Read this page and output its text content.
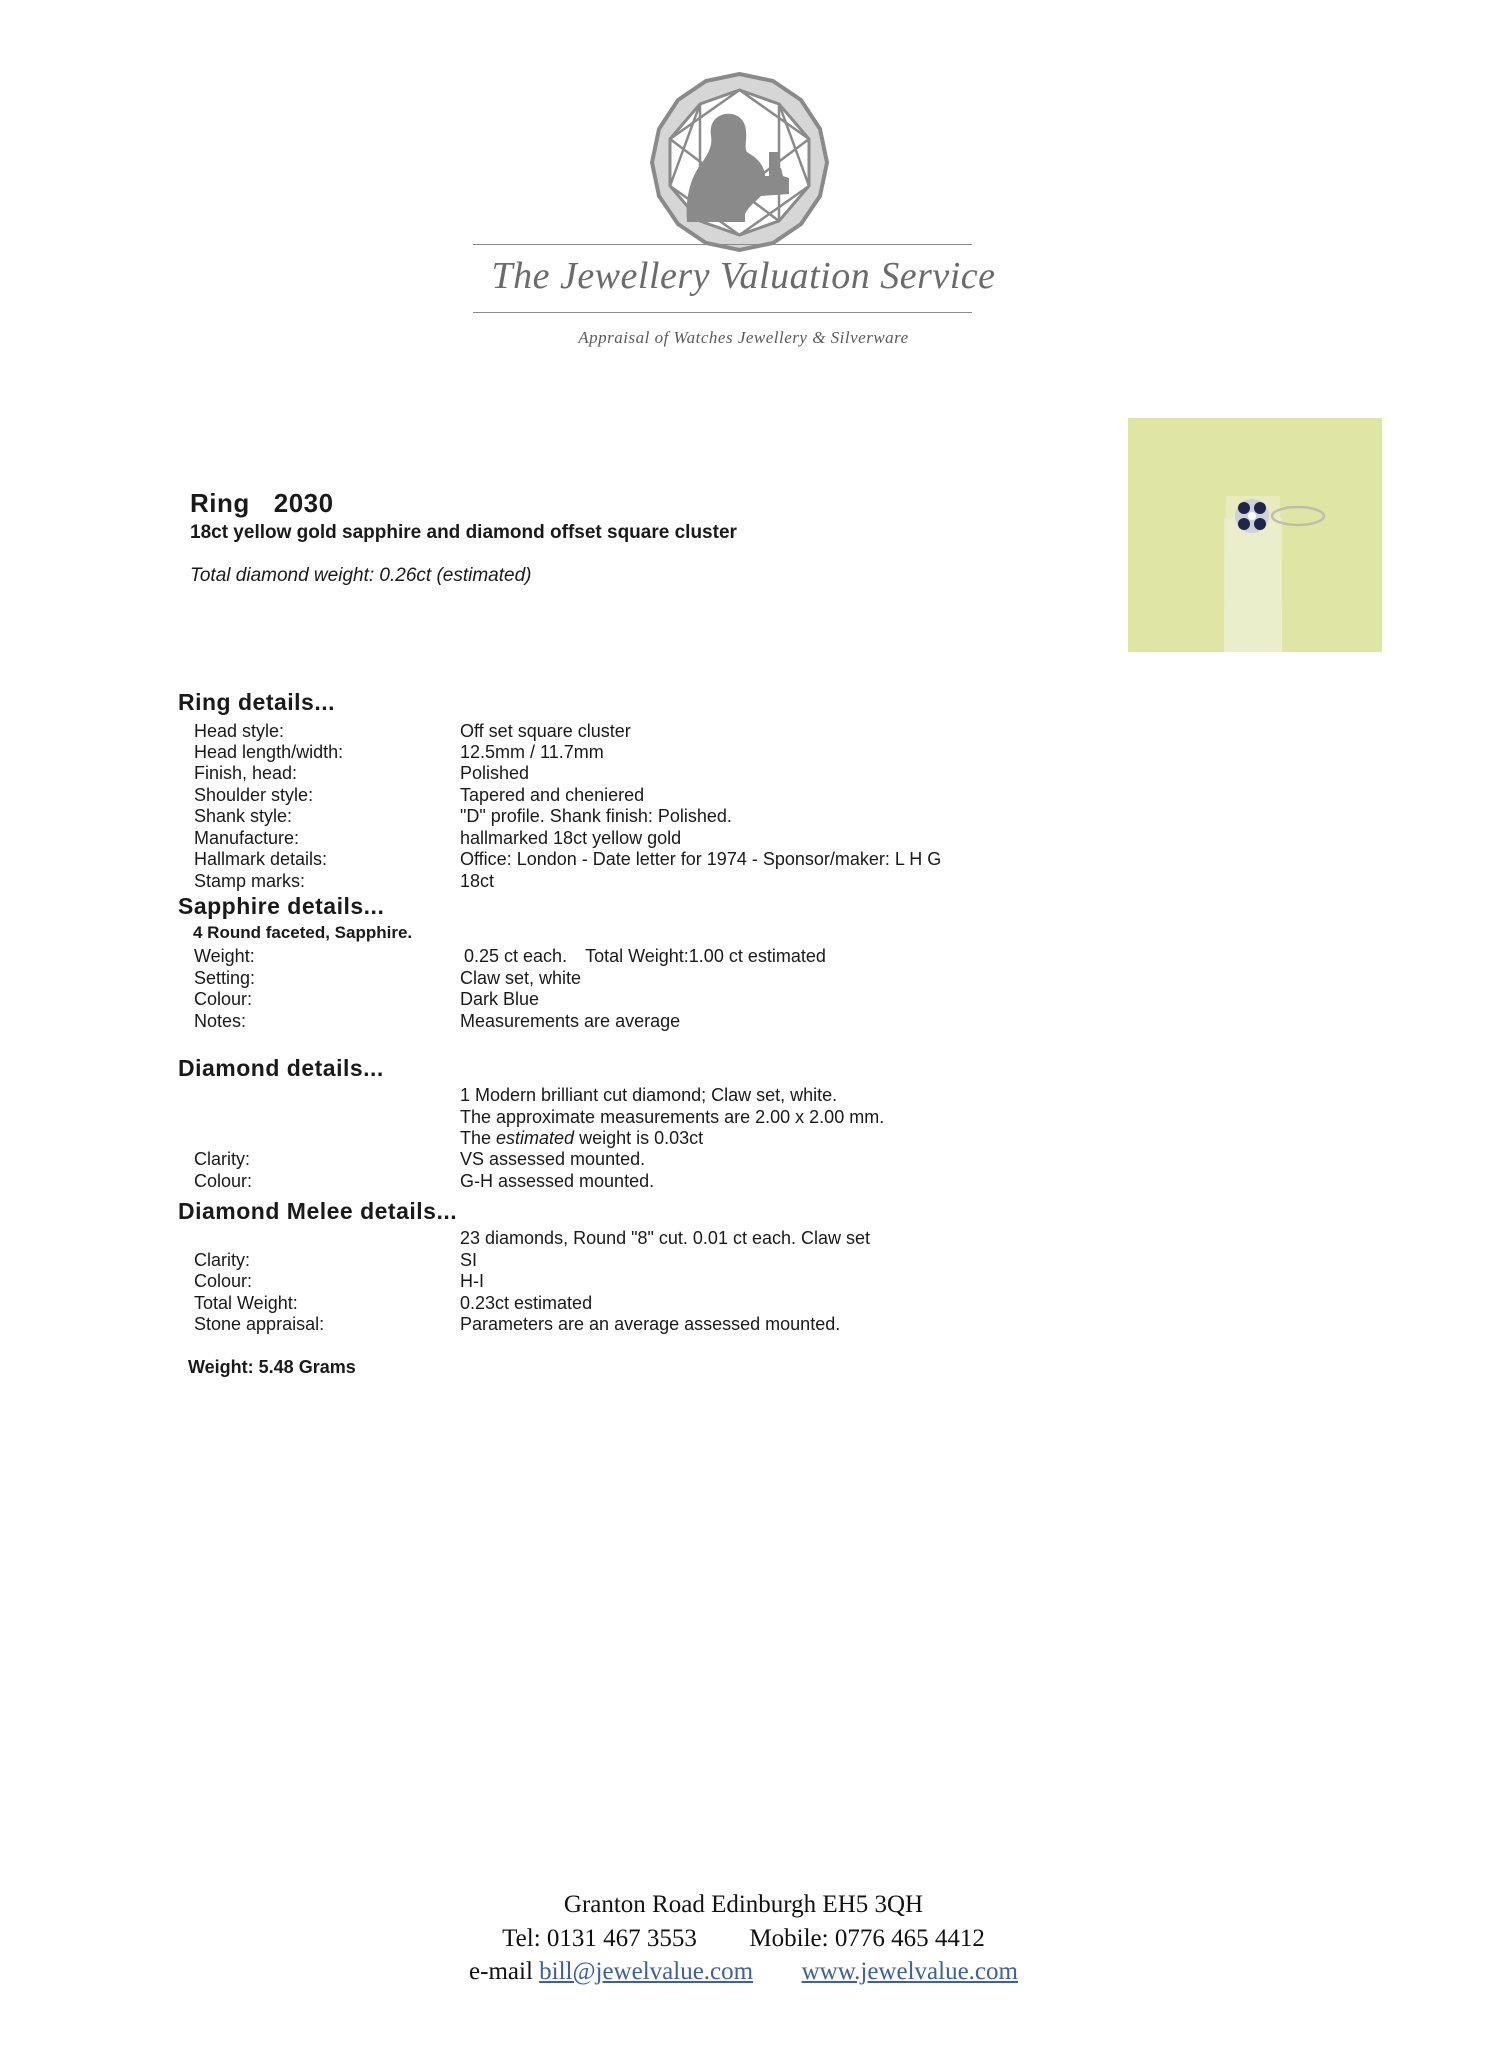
The Jewellery Valuation Service
Appraisal of Watches Jewellery & Silverware
Ring 2030
18ct yellow gold sapphire and diamond offset square cluster
Total diamond weight: 0.26ct (estimated)
Ring details...
Head style:	Off set square cluster
Head length/width:	12.5mm / 11.7mm
Finish, head:	Polished
Shoulder style:	Tapered and cheniered
Shank style:	"D" profile. Shank finish: Polished.
Manufacture:	hallmarked 18ct yellow gold
Hallmark details:	Office: London - Date letter for 1974 - Sponsor/maker: L H G
Stamp marks:	18ct
Sapphire details...
4 Round faceted, Sapphire.
Weight:	0.25 ct each. Total Weight:1.00 ct estimated
Setting:	Claw set, white
Colour:	Dark Blue
Notes:	Measurements are average
Diamond details...
1 Modern brilliant cut diamond; Claw set, white.
The approximate measurements are 2.00 x 2.00 mm.
The estimated weight is 0.03ct
Clarity:	VS assessed mounted.
Colour:	G-H assessed mounted.
Diamond Melee details...
23 diamonds, Round "8" cut. 0.01 ct each. Claw set
Clarity:	SI
Colour:	H-I
Total Weight:	0.23ct estimated
Stone appraisal:	Parameters are an average assessed mounted.
Weight: 5.48 Grams
Granton Road Edinburgh EH5 3QH
Tel: 0131 467 3553 Mobile: 0776 465 4412
e-mail bill@jewelvalue.com www.jewelvalue.com
